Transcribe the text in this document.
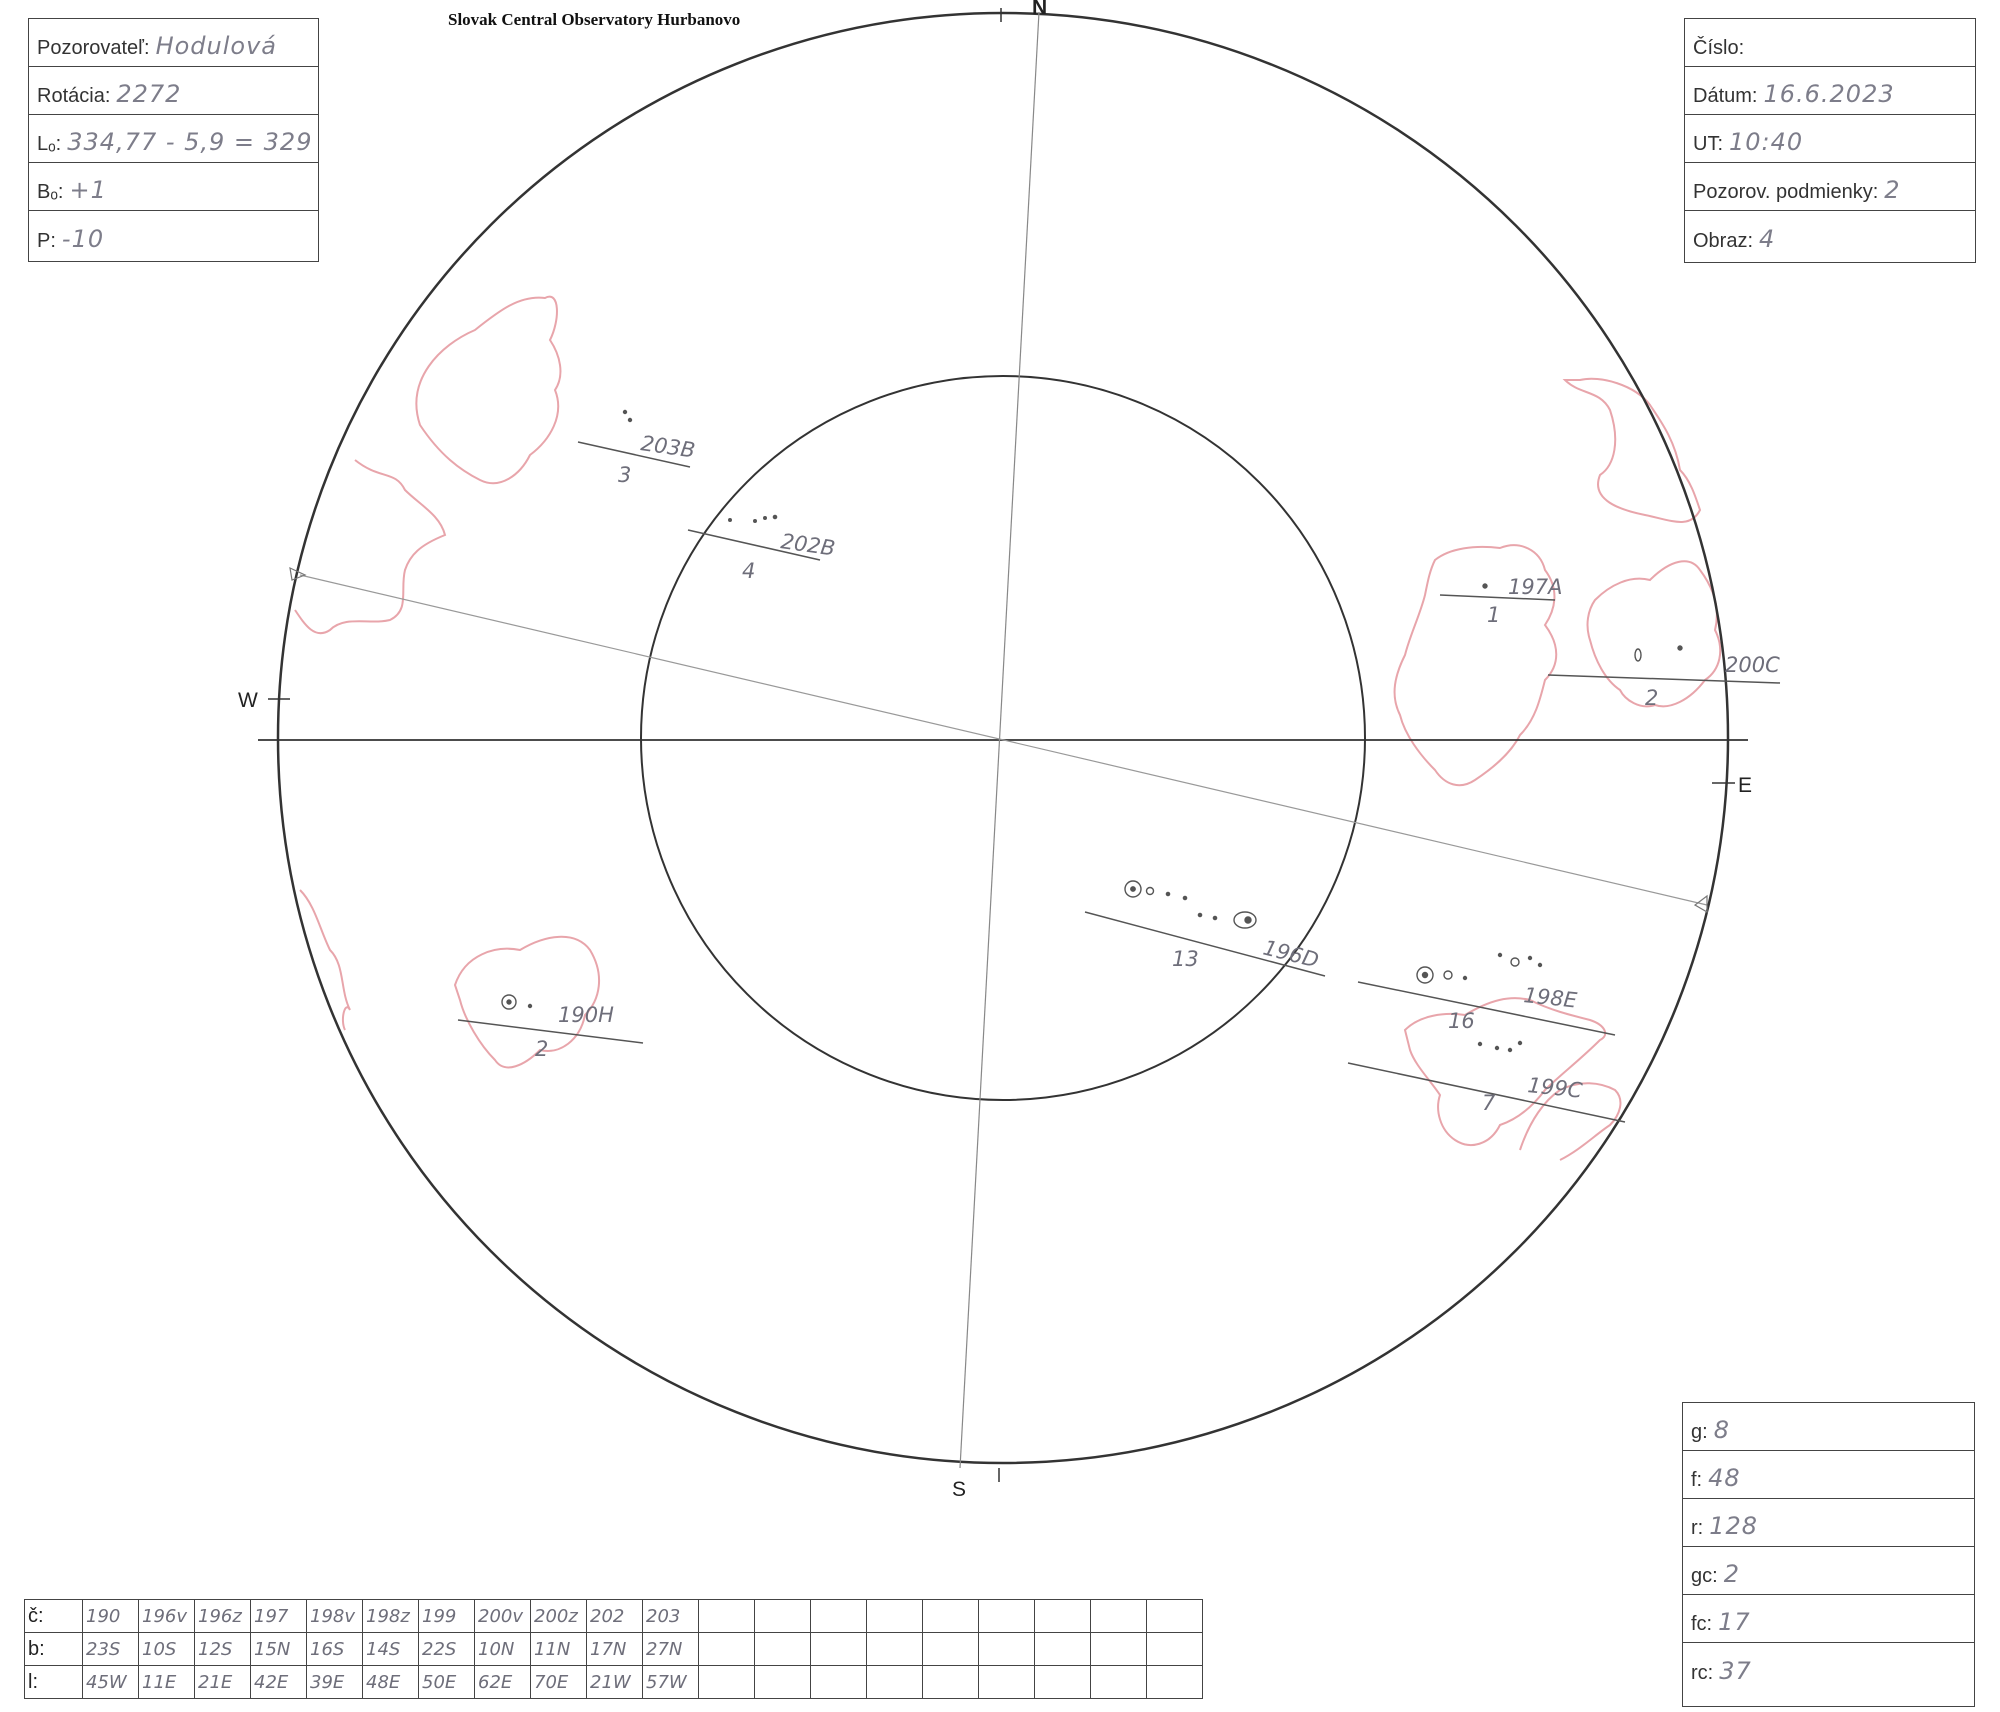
Slovak Central Observatory Hurbanovo
Pozorovateľ: Hodulová
Rotácia: 2272
Lₒ: 334,77 - 5,9 = 329
Bₒ: +1
P: -10
Číslo:
Dátum: 16.6.2023
UT: 10:40
Pozorov. podmienky: 2
Obraz: 4
N
W
E
S
203B
3
202B
4
197A
1
200C
2
196D
13
198E
16
199C
7
190H
2
g: 8
f: 48
r: 128
gᴄ: 2
fᴄ: 17
rᴄ: 37
č:	190	196v	196z	197	198v	198z	199	200v	200z	202	203									
b:	23S	10S	12S	15N	16S	14S	22S	10N	11N	17N	27N									
l:	45W	11E	21E	42E	39E	48E	50E	62E	70E	21W	57W									
